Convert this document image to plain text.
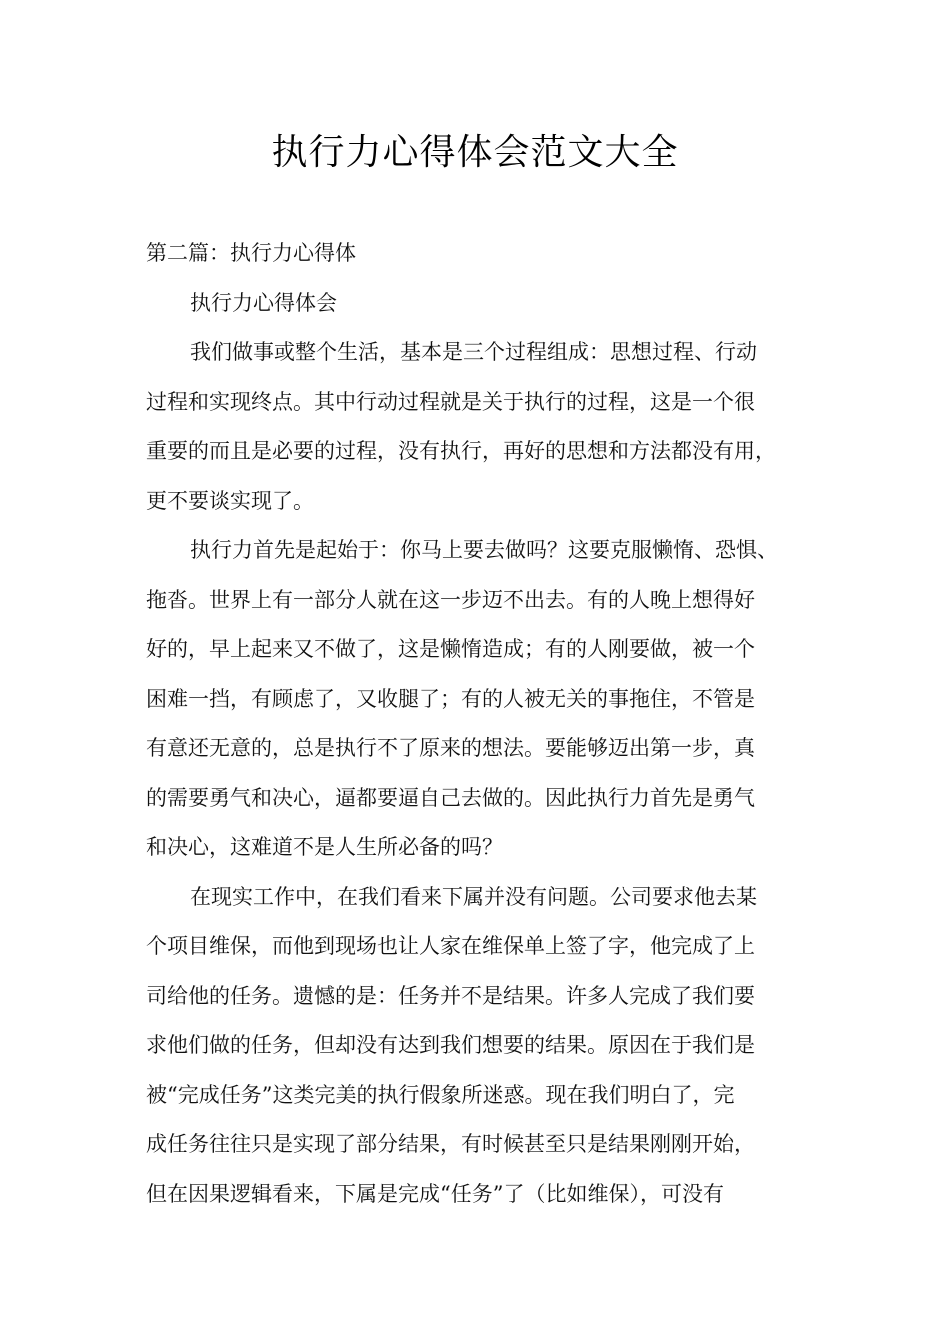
执行力心得体会范文大全

第二篇：执行力心得体

执行力心得体会

我们做事或整个生活，基本是三个过程组成：思想过程、行动
过程和实现终点。其中行动过程就是关于执行的过程，这是一个很
重要的而且是必要的过程，没有执行，再好的思想和方法都没有用，
更不要谈实现了。

执行力首先是起始于：你马上要去做吗？这要克服懒惰、恐惧、
拖沓。世界上有一部分人就在这一步迈不出去。有的人晚上想得好
好的，早上起来又不做了，这是懒惰造成；有的人刚要做，被一个
困难一挡，有顾虑了，又收腿了；有的人被无关的事拖住，不管是
有意还无意的，总是执行不了原来的想法。要能够迈出第一步，真
的需要勇气和决心，逼都要逼自己去做的。因此执行力首先是勇气
和决心，这难道不是人生所必备的吗？

在现实工作中，在我们看来下属并没有问题。公司要求他去某
个项目维保，而他到现场也让人家在维保单上签了字，他完成了上
司给他的任务。遗憾的是：任务并不是结果。许多人完成了我们要
求他们做的任务，但却没有达到我们想要的结果。原因在于我们是
被“完成任务”这类完美的执行假象所迷惑。现在我们明白了，完
成任务往往只是实现了部分结果，有时候甚至只是结果刚刚开始，
但在因果逻辑看来，下属是完成“任务”了（比如维保），可没有
